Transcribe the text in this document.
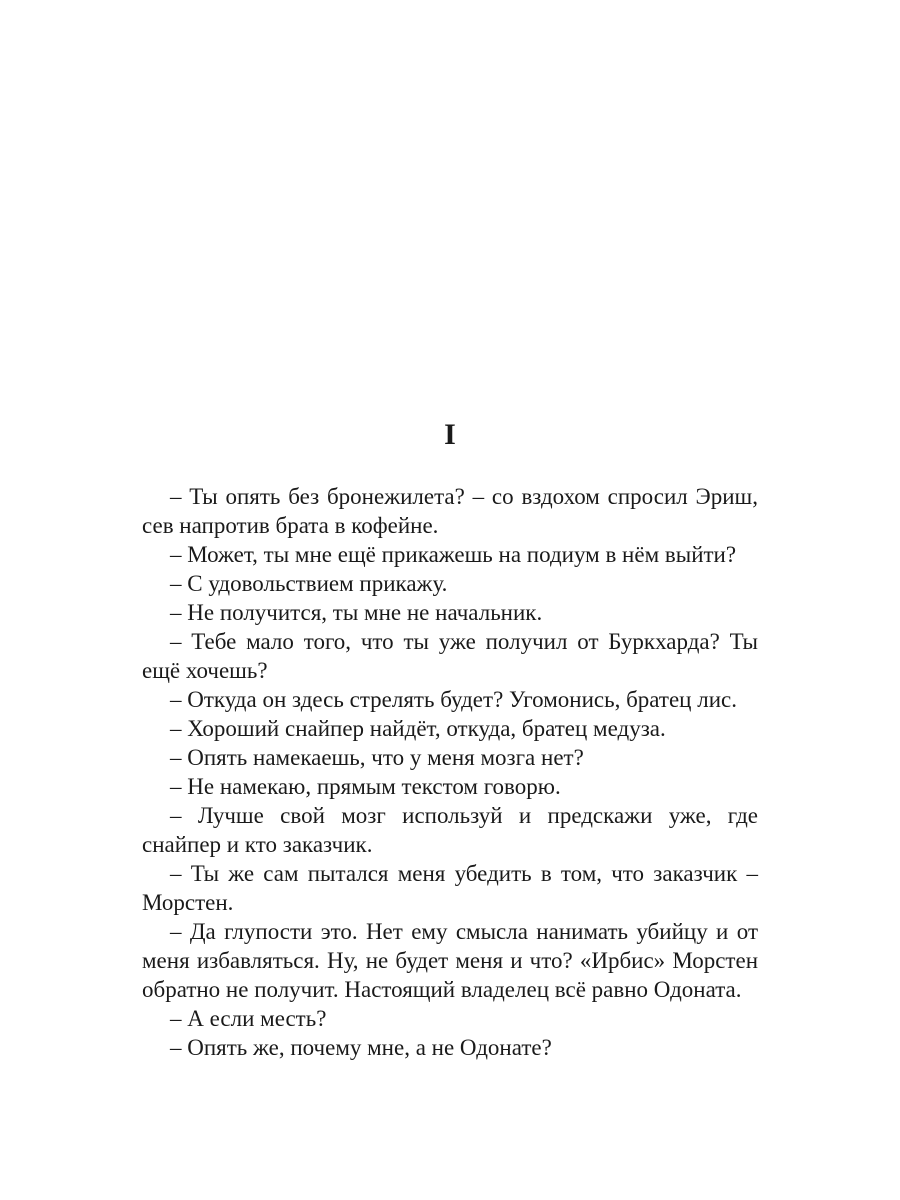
I

– Ты опять без бронежилета? – со вздохом спросил Эриш, сев напротив брата в кофейне.

– Может, ты мне ещё прикажешь на подиум в нём выйти?

– С удовольствием прикажу.

– Не получится, ты мне не начальник.

– Тебе мало того, что ты уже получил от Буркхарда? Ты ещё хочешь?

– Откуда он здесь стрелять будет? Угомонись, братец лис.

– Хороший снайпер найдёт, откуда, братец медуза.

– Опять намекаешь, что у меня мозга нет?

– Не намекаю, прямым текстом говорю.

– Лучше свой мозг используй и предскажи уже, где снайпер и кто заказчик.

– Ты же сам пытался меня убедить в том, что заказчик – Морстен.

– Да глупости это. Нет ему смысла нанимать убийцу и от меня избавляться. Ну, не будет меня и что? «Ирбис» Морстен обратно не получит. Настоящий владелец всё равно Одоната.

– А если месть?

– Опять же, почему мне, а не Одонате?
